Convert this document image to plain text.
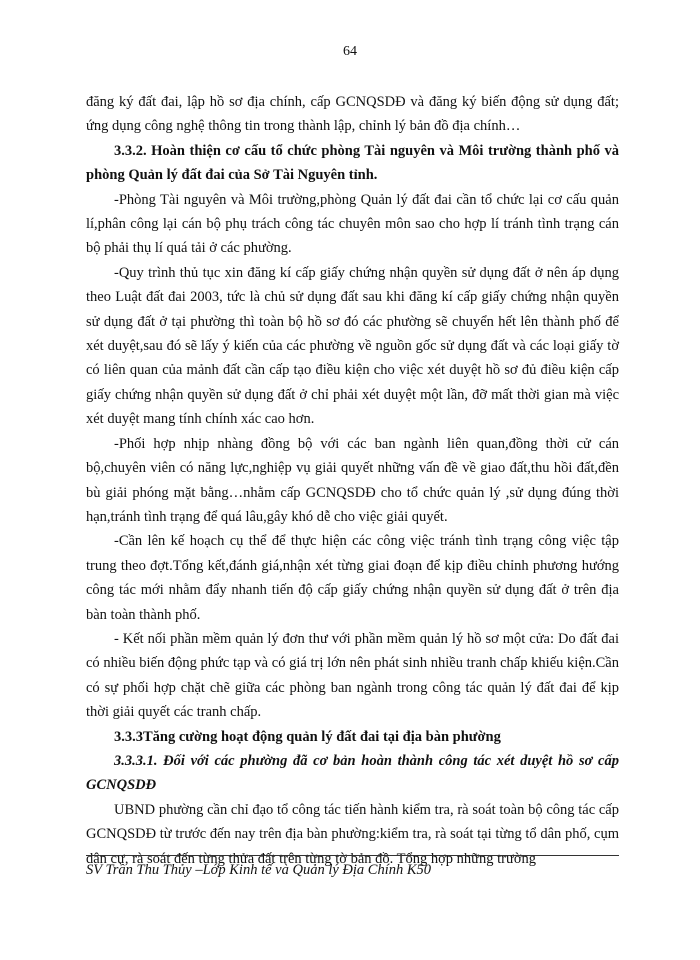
64

đăng ký đất đai, lập hồ sơ địa chính, cấp GCNQSDĐ và đăng ký biến động sử dụng đất; ứng dụng công nghệ thông tin trong thành lập, chỉnh lý bản đồ địa chính…

3.3.2. Hoàn thiện cơ cấu tổ chức phòng Tài nguyên và Môi trường thành phố và phòng Quản lý đất đai của Sở Tài Nguyên tỉnh.

-Phòng Tài nguyên và Môi trường,phòng Quản lý đất đai cần tổ chức lại cơ cấu quản lí,phân công lại cán bộ phụ trách công tác chuyên môn sao cho hợp lí tránh tình trạng cán bộ phải thụ lí quá tải ở các phường.

-Quy trình thủ tục xin đăng kí cấp giấy chứng nhận quyền sử dụng đất ở nên áp dụng theo Luật đất đai 2003, tức là chủ sử dụng đất sau khi đăng kí cấp giấy chứng nhận quyền sử dụng đất ở tại phường thì toàn bộ hồ sơ đó các phường sẽ chuyển hết lên thành phố để xét duyệt,sau đó sẽ lấy ý kiến của các phường về nguồn gốc sử dụng đất và các loại giấy tờ có liên quan của mảnh đất cần cấp tạo điều kiện cho việc xét duyệt hồ sơ đủ điều kiện cấp giấy chứng nhận quyền sử dụng đất ở chỉ phải xét duyệt một lần, đỡ mất thời gian mà việc xét duyệt mang tính chính xác cao hơn.

-Phối hợp nhịp nhàng đồng bộ với các ban ngành liên quan,đồng thời cử cán bộ,chuyên viên có năng lực,nghiệp vụ giải quyết những vấn đề về giao đất,thu hồi đất,đền bù giải phóng mặt bằng…nhằm cấp GCNQSDĐ cho tổ chức quản lý ,sử dụng đúng thời hạn,tránh tình trạng để quá lâu,gây khó dễ cho việc giải quyết.

-Cần lên kế hoạch cụ thể để thực hiện các công việc tránh tình trạng công việc tập trung theo đợt.Tổng kết,đánh giá,nhận xét từng giai đoạn để kịp điều chỉnh phương hướng công tác mới nhằm đẩy nhanh tiến độ cấp giấy chứng nhận quyền sử dụng đất ở trên địa bàn toàn thành phố.

- Kết nối phần mềm quản lý đơn thư với phần mềm quản lý hồ sơ một cửa: Do đất đai có nhiều biến động phức tạp và có giá trị lớn nên phát sinh nhiều tranh chấp khiếu kiện.Cần có sự phối hợp chặt chẽ giữa các phòng ban ngành trong công tác quản lý đất đai để kịp thời giải quyết các tranh chấp.

3.3.3Tăng cường hoạt động quản lý đất đai tại địa bàn phường

3.3.3.1. Đối với các phường đã cơ bản hoàn thành công tác xét duyệt hồ sơ cấp GCNQSDĐ

UBND phường cần chỉ đạo tổ công tác tiến hành kiểm tra, rà soát toàn bộ công tác cấp GCNQSDĐ từ trước đến nay trên địa bàn phường:kiểm tra, rà soát tại từng tổ dân phố, cụm dân cư, rà soát đến từng thửa đất trên từng tờ bản đồ. Tổng hợp những trường

SV Trần Thu Thủy –Lớp Kinh tế và Quản lý Địa Chính K50
